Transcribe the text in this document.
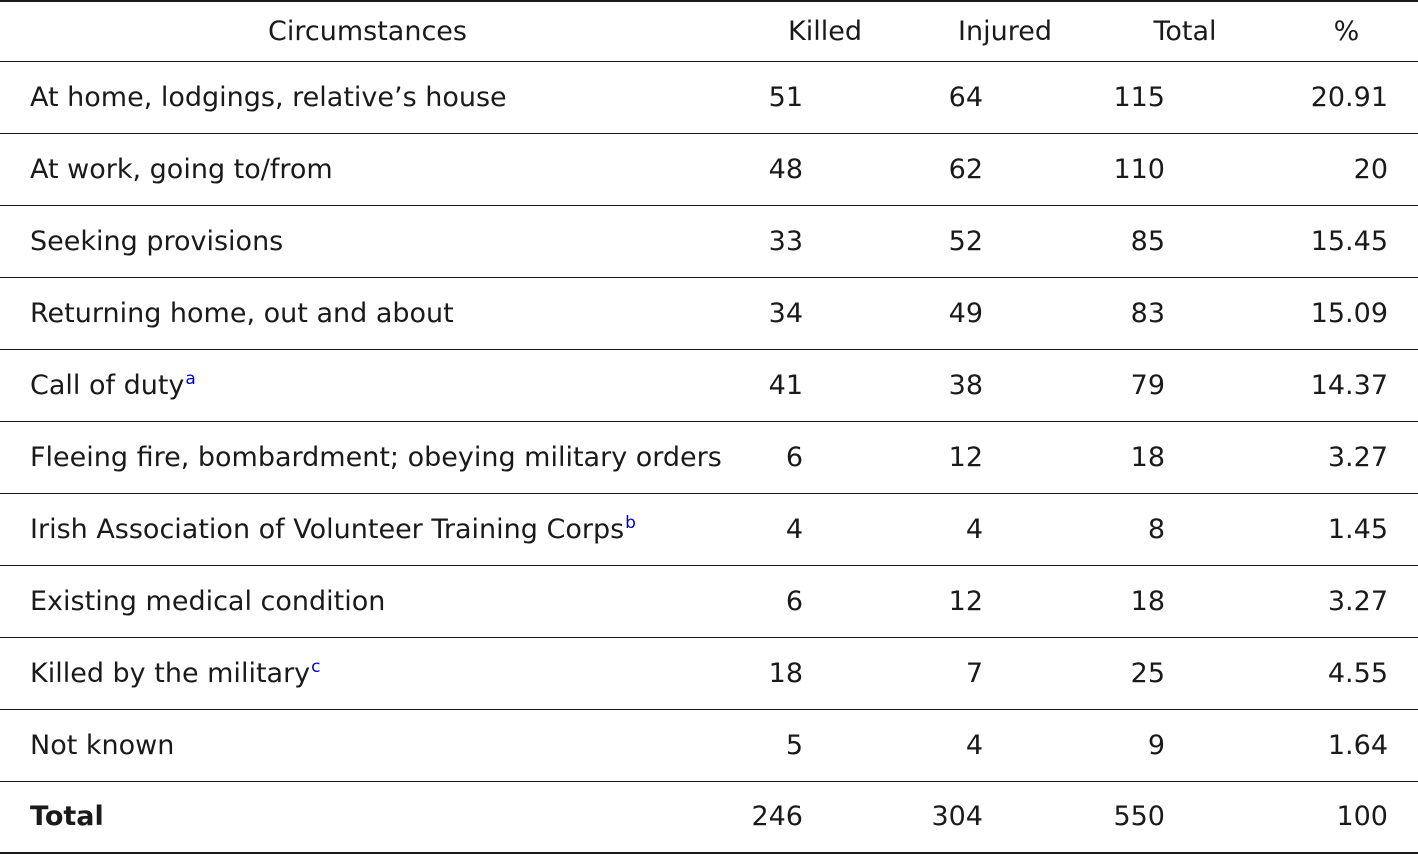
Circumstances	Killed	Injured	Total	%
At home, lodgings, relative’s house	51	64	115	20.91
At work, going to/from	48	62	110	20
Seeking provisions	33	52	85	15.45
Returning home, out and about	34	49	83	15.09
Call of duty$^a$	41	38	79	14.37
Fleeing fire, bombardment; obeying military orders	6	12	18	3.27
Irish Association of Volunteer Training Corps$^b$	4	4	8	1.45
Existing medical condition	6	12	18	3.27
Killed by the military$^c$	18	7	25	4.55
Not known	5	4	9	1.64
Total	246	304	550	100
